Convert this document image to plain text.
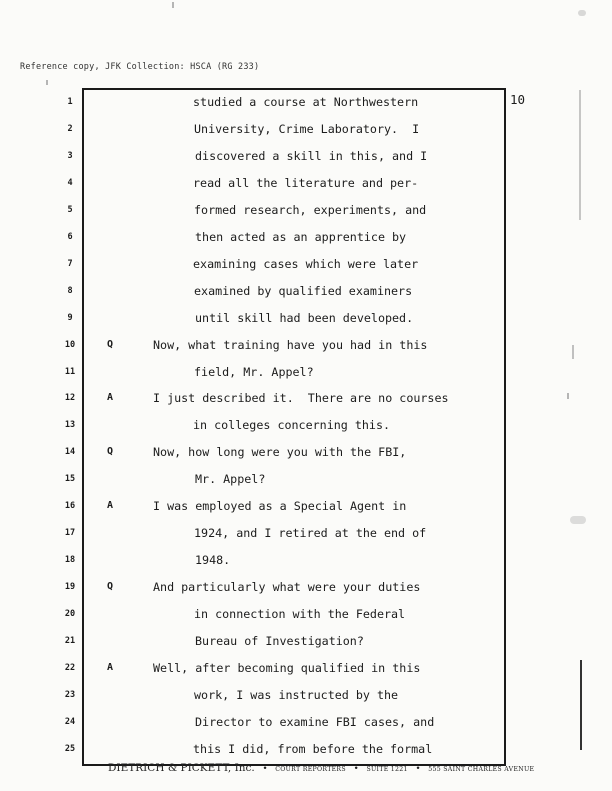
Reference copy, JFK Collection: HSCA (RG 233)
10
1	studied a course at Northwestern
2	University, Crime Laboratory.  I
3	discovered a skill in this, and I
4	read all the literature and per-
5	formed research, experiments, and
6	then acted as an apprentice by
7	examining cases which were later
8	examined by qualified examiners
9	until skill had been developed.
10	Q	Now, what training have you had in this
11	field, Mr. Appel?
12	A	I just described it.  There are no courses
13	in colleges concerning this.
14	Q	Now, how long were you with the FBI,
15	Mr. Appel?
16	A	I was employed as a Special Agent in
17	1924, and I retired at the end of
18	1948.
19	Q	And particularly what were your duties
20	in connection with the Federal
21	Bureau of Investigation?
22	A	Well, after becoming qualified in this
23	work, I was instructed by the
24	Director to examine FBI cases, and
25	this I did, from before the formal
DIETRICH & PICKETT, Inc. • COURT REPORTERS • SUITE 1221 • 555 SAINT CHARLES AVENUE
